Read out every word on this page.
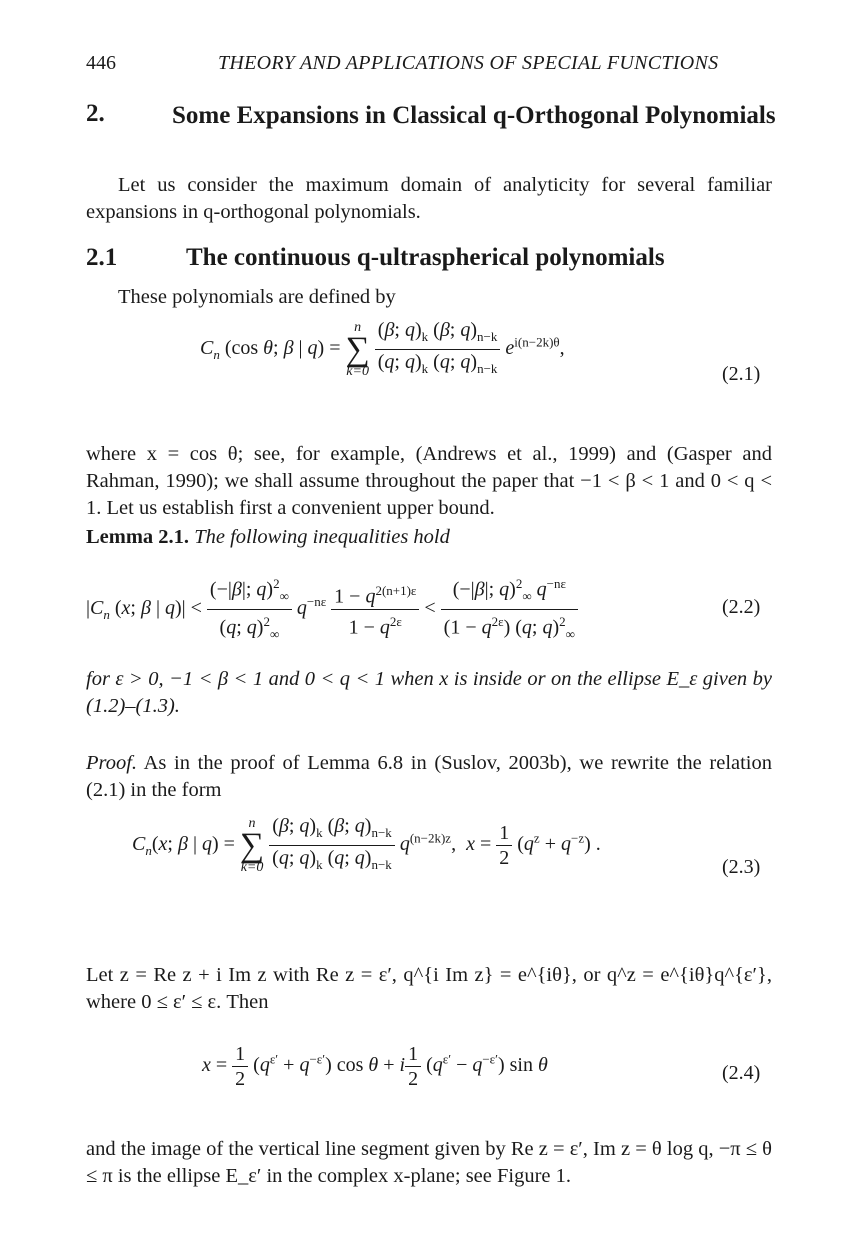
446	THEORY AND APPLICATIONS OF SPECIAL FUNCTIONS
2.	Some Expansions in Classical q-Orthogonal Polynomials
Let us consider the maximum domain of analyticity for several familiar expansions in q-orthogonal polynomials.
2.1	The continuous q-ultraspherical polynomials
These polynomials are defined by
$C_n$ (cos θ; β | q) =
n
∑
k=0
$\frac{(\beta; q)_k (\beta; q)_{n-k}}{(q; q)_k (q; q)_{n-k}} e^{i(n-2k)\theta}$,
(2.1)
where x = cos θ; see, for example, (Andrews et al., 1999) and (Gasper and Rahman, 1990); we shall assume throughout the paper that −1 < β < 1 and 0 < q < 1. Let us establish first a convenient upper bound.
Lemma 2.1. The following inequalities hold
$|C_n$ (x; β | $q)| < \frac{(-|\beta|; q)^2_\infty}{(q; q)^2_\infty} q^{-n\varepsilon} \frac{1 - q^{2(n+1)\varepsilon}}{1 - q^{2\varepsilon}} < \frac{(-|\beta|; q)^2_\infty q^{-n\varepsilon}}{(1 - q^{2\varepsilon}) (q; q)^2_\infty}$	(2.2)
for ε > 0, −1 < β < 1 and 0 < q < 1 when x is inside or on the ellipse E_ε given by (1.2)–(1.3).
Proof. As in the proof of Lemma 6.8 in (Suslov, 2003b), we rewrite the relation (2.1) in the form
$C_n(x$; β | q) =
n
∑
k=0
$\frac{(\beta; q)_k (\beta; q)_{n-k}}{(q; q)_k (q; q)_{n-k}} q^{(n-2k)z}$,  $x = \frac{1}{2} (q^z + q^{-z})$ .
(2.3)
Let z = Re z + i Im z with Re z = ε′, q^{i Im z} = e^{iθ}, or q^z = e^{iθ}q^{ε′}, where 0 ≤ ε′ ≤ ε. Then
$x = \frac{1}{2} (q^{\varepsilon'} + q^{-\varepsilon'})$ cos θ + i $\frac{1}{2} (q^{\varepsilon'} - q^{-\varepsilon'})$ sin θ	(2.4)
and the image of the vertical line segment given by Re z = ε′, Im z = θ log q, −π ≤ θ ≤ π is the ellipse E_ε′ in the complex x-plane; see Figure 1.
